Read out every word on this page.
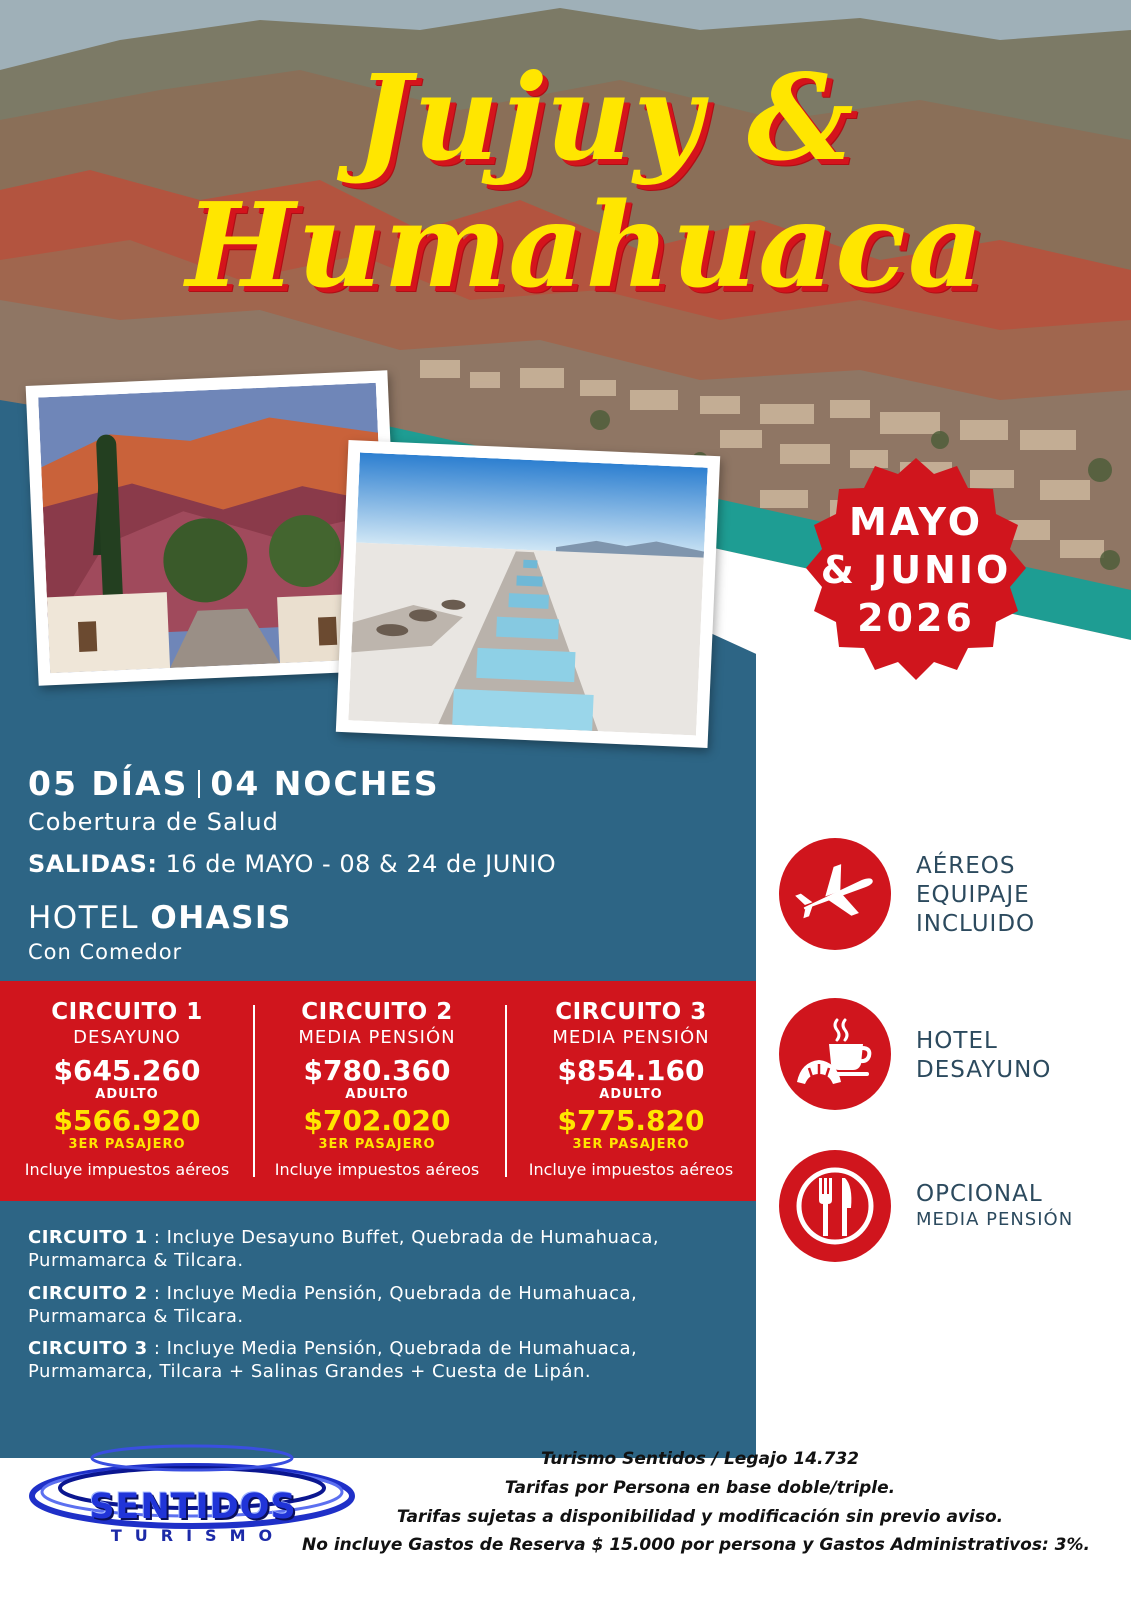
Jujuy &
Humahuaca
MAYO
& JUNIO
2026
05 DÍAS 04 NOCHES
Cobertura de Salud
SALIDAS: 16 de MAYO - 08 & 24 de JUNIO
HOTEL OHASIS
Con Comedor
CIRCUITO 1
DESAYUNO
$645.260
ADULTO
$566.920
3ER PASAJERO
Incluye impuestos aéreos
CIRCUITO 2
MEDIA PENSIÓN
$780.360
ADULTO
$702.020
3ER PASAJERO
Incluye impuestos aéreos
CIRCUITO 3
MEDIA PENSIÓN
$854.160
ADULTO
$775.820
3ER PASAJERO
Incluye impuestos aéreos
CIRCUITO 1 : Incluye Desayuno Buffet, Quebrada de Humahuaca, Purmamarca & Tilcara.
CIRCUITO 2 : Incluye Media Pensión, Quebrada de Humahuaca, Purmamarca & Tilcara.
CIRCUITO 3 : Incluye Media Pensión, Quebrada de Humahuaca, Purmamarca, Tilcara + Salinas Grandes + Cuesta de Lipán.
AÉREOS
EQUIPAJE
INCLUIDO
HOTEL
DESAYUNO
OPCIONAL
MEDIA PENSIÓN
SENTIDOS
TURISMO
Turismo Sentidos / Legajo 14.732
Tarifas por Persona en base doble/triple.
Tarifas sujetas a disponibilidad y modificación sin previo aviso.
No incluye Gastos de Reserva $ 15.000 por persona y Gastos Administrativos: 3%.
